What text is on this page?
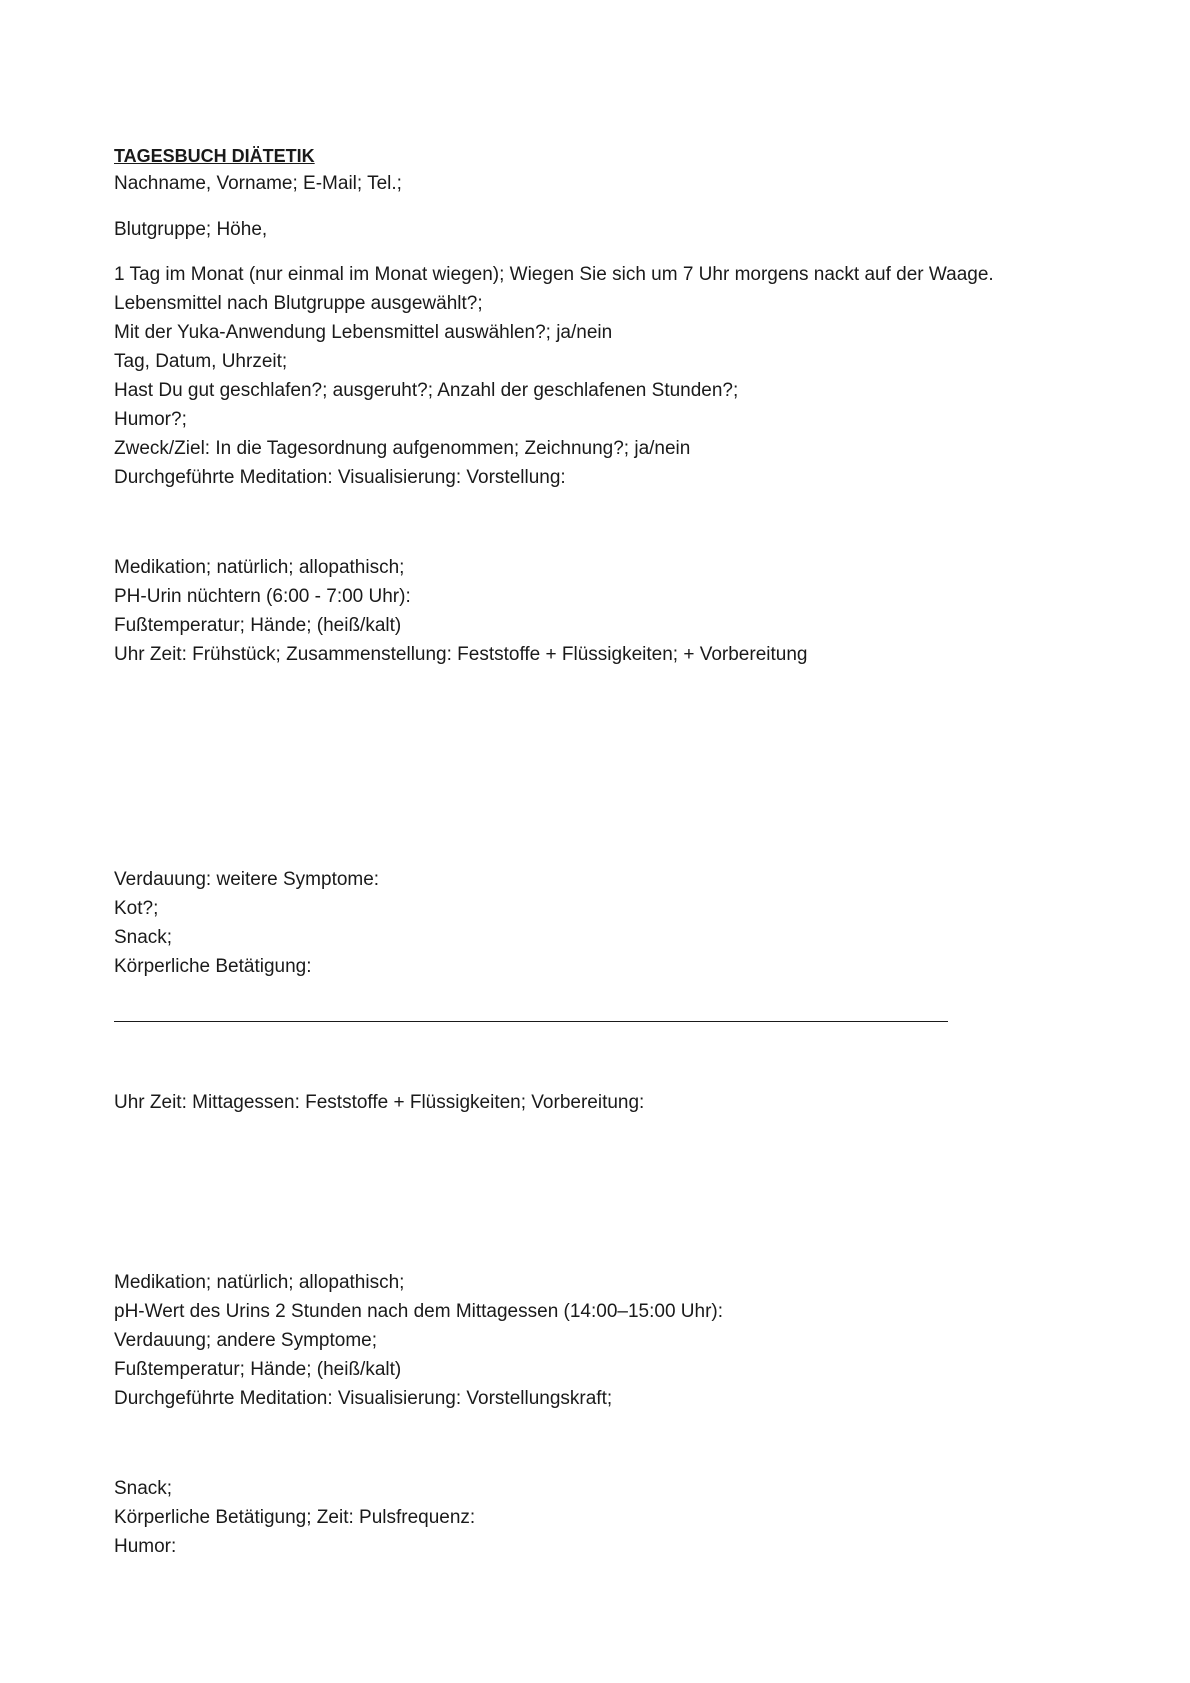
TAGESBUCH DIÄTETIK
Nachname, Vorname; E-Mail; Tel.;
Blutgruppe; Höhe,
1 Tag im Monat (nur einmal im Monat wiegen); Wiegen Sie sich um 7 Uhr morgens nackt auf der Waage.
Lebensmittel nach Blutgruppe ausgewählt?;
Mit der Yuka-Anwendung Lebensmittel auswählen?; ja/nein
Tag, Datum, Uhrzeit;
Hast Du gut geschlafen?; ausgeruht?; Anzahl der geschlafenen Stunden?;
Humor?;
Zweck/Ziel: In die Tagesordnung aufgenommen; Zeichnung?; ja/nein
Durchgeführte Meditation: Visualisierung: Vorstellung:
Medikation; natürlich; allopathisch;
PH-Urin nüchtern (6:00 - 7:00 Uhr):
Fußtemperatur; Hände; (heiß/kalt)
Uhr Zeit: Frühstück; Zusammenstellung: Feststoffe + Flüssigkeiten; + Vorbereitung
Verdauung: weitere Symptome:
Kot?;
Snack;
Körperliche Betätigung:
Uhr Zeit: Mittagessen: Feststoffe + Flüssigkeiten; Vorbereitung:
Medikation; natürlich; allopathisch;
pH-Wert des Urins 2 Stunden nach dem Mittagessen (14:00–15:00 Uhr):
Verdauung; andere Symptome;
Fußtemperatur; Hände; (heiß/kalt)
Durchgeführte Meditation: Visualisierung: Vorstellungskraft;
Snack;
Körperliche Betätigung; Zeit: Pulsfrequenz:
Humor:
